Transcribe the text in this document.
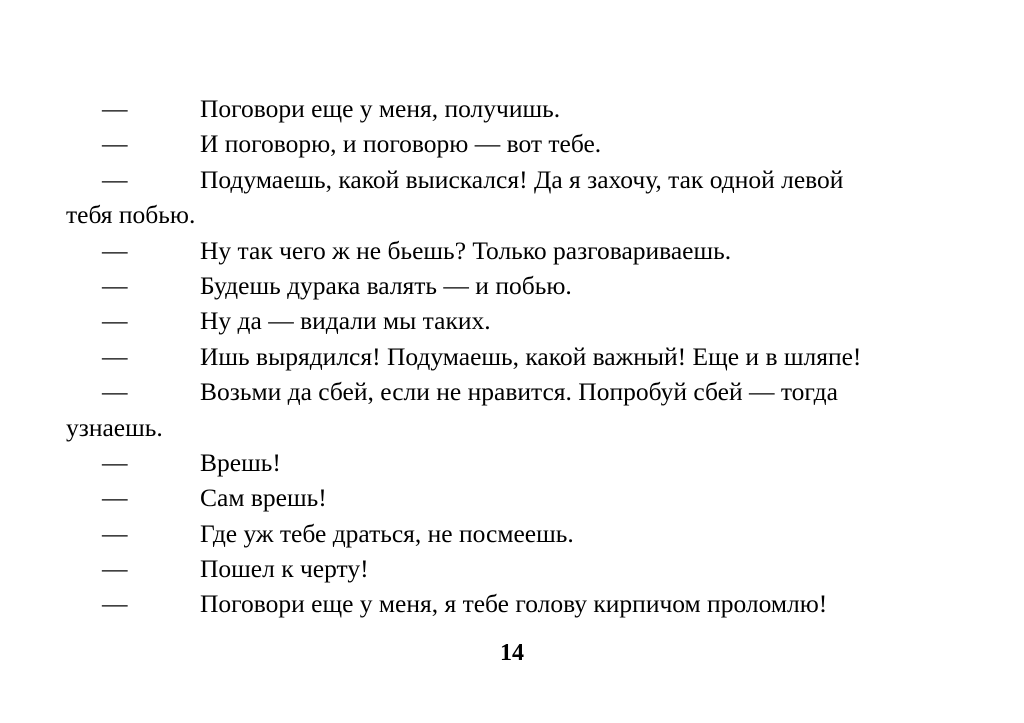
—	Поговори еще у меня, получишь.
—	И поговорю, и поговорю — вот тебе.
—	Подумаешь, какой выискался! Да я захочу, так одной левой
тебя побью.
—	Ну так чего ж не бьешь? Только разговариваешь.
—	Будешь дурака валять — и побью.
—	Ну да — видали мы таких.
—	Ишь вырядился! Подумаешь, какой важный! Еще и в шляпе!
—	Возьми да сбей, если не нравится. Попробуй сбей — тогда
узнаешь.
—	Врешь!
—	Сам врешь!
—	Где уж тебе драться, не посмеешь.
—	Пошел к черту!
—	Поговори еще у меня, я тебе голову кирпичом проломлю!
14
